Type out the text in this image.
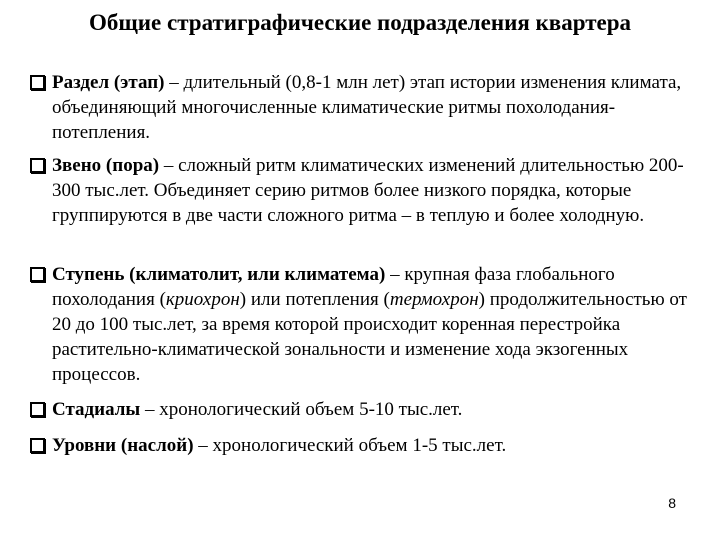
Общие стратиграфические подразделения квартера
Раздел (этап) – длительный (0,8-1 млн лет) этап истории изменения климата, объединяющий многочисленные климатические ритмы похолодания-потепления.
Звено (пора) – сложный ритм климатических изменений длительностью 200-300 тыс.лет. Объединяет серию ритмов более низкого порядка, которые группируются в две части сложного ритма – в теплую и более холодную.
Ступень (климатолит, или климатема) – крупная фаза глобального похолодания (криохрон) или потепления (термохрон) продолжительностью от 20 до 100 тыс.лет, за время которой происходит коренная перестройка растительно-климатической зональности и изменение хода экзогенных процессов.
Стадиалы – хронологический объем 5-10 тыс.лет.
Уровни (наслой) – хронологический объем 1-5 тыс.лет.
8
